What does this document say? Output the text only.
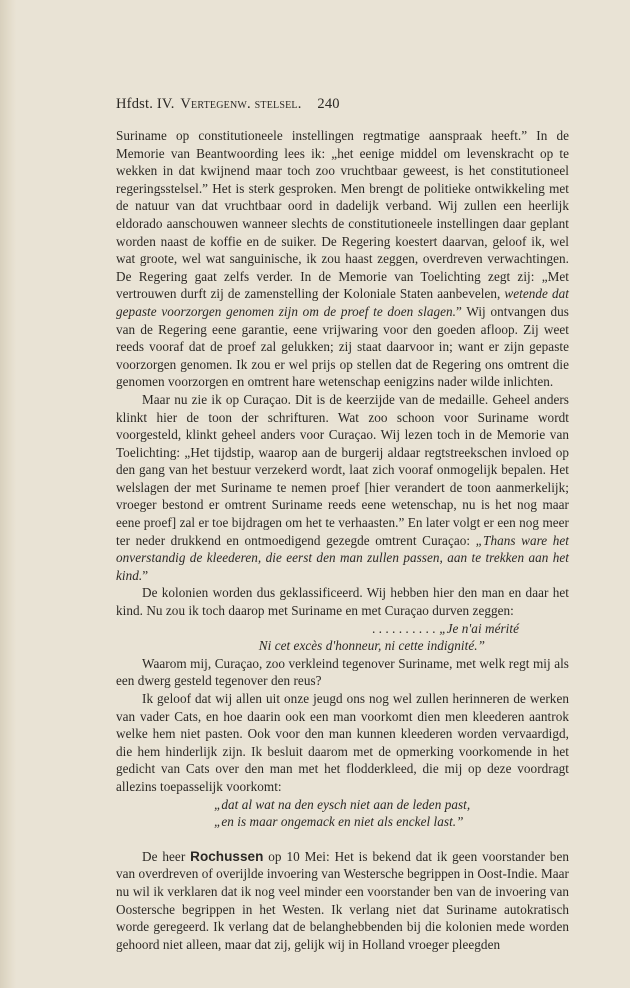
Hfdst. IV. Vertegenw. stelsel. 240

Suriname op constitutioneele instellingen regtmatige aanspraak heeft.” In de Memorie van Beantwoording lees ik: „het eenige middel om levenskracht op te wekken in dat kwijnend maar toch zoo vruchtbaar geweest, is het constitutioneel regeringsstelsel.” Het is sterk gesproken. Men brengt de politieke ontwikkeling met de natuur van dat vruchtbaar oord in dadelijk verband. Wij zullen een heerlijk eldorado aanschouwen wanneer slechts de constitutioneele instellingen daar geplant worden naast de koffie en de suiker. De Regering koestert daarvan, geloof ik, wel wat groote, wel wat sanguinische, ik zou haast zeggen, overdreven verwachtingen. De Regering gaat zelfs verder. In de Memorie van Toelichting zegt zij: „Met vertrouwen durft zij de zamenstelling der Koloniale Staten aanbevelen, wetende dat gepaste voorzorgen genomen zijn om de proef te doen slagen.” Wij ontvangen dus van de Regering eene garantie, eene vrijwaring voor den goeden afloop. Zij weet reeds vooraf dat de proef zal gelukken; zij staat daarvoor in; want er zijn gepaste voorzorgen genomen. Ik zou er wel prijs op stellen dat de Regering ons omtrent die genomen voorzorgen en omtrent hare wetenschap eenigzins nader wilde inlichten.

Maar nu zie ik op Curaçao. Dit is de keerzijde van de medaille. Geheel anders klinkt hier de toon der schrifturen. Wat zoo schoon voor Suriname wordt voorgesteld, klinkt geheel anders voor Curaçao. Wij lezen toch in de Memorie van Toelichting: „Het tijdstip, waarop aan de burgerij aldaar regtstreekschen invloed op den gang van het bestuur verzekerd wordt, laat zich vooraf onmogelijk bepalen. Het welslagen der met Suriname te nemen proef [hier verandert de toon aanmerkelijk; vroeger bestond er omtrent Suriname reeds eene wetenschap, nu is het nog maar eene proef] zal er toe bijdragen om het te verhaasten.” En later volgt er een nog meer ter neder drukkend en ontmoedigend gezegde omtrent Curaçao: „Thans ware het onverstandig de kleederen, die eerst den man zullen passen, aan te trekken aan het kind.”

De kolonien worden dus geklassificeerd. Wij hebben hier den man en daar het kind. Nu zou ik toch daarop met Suriname en met Curaçao durven zeggen:

. . . . . . . . . . „Je n'ai mérité

Ni cet excès d'honneur, ni cette indignité.”

Waarom mij, Curaçao, zoo verkleind tegenover Suriname, met welk regt mij als een dwerg gesteld tegenover den reus?

Ik geloof dat wij allen uit onze jeugd ons nog wel zullen herinneren de werken van vader Cats, en hoe daarin ook een man voorkomt dien men kleederen aantrok welke hem niet pasten. Ook voor den man kunnen kleederen worden vervaardigd, die hem hinderlijk zijn. Ik besluit daarom met de opmerking voorkomende in het gedicht van Cats over den man met het flodderkleed, die mij op deze voordragt allezins toepasselijk voorkomt:

„dat al wat na den eysch niet aan de leden past,

„en is maar ongemack en niet als enckel last.”

De heer Rochussen op 10 Mei: Het is bekend dat ik geen voorstander ben van overdreven of overijlde invoering van Westersche begrippen in Oost-Indie. Maar nu wil ik verklaren dat ik nog veel minder een voorstander ben van de invoering van Oostersche begrippen in het Westen. Ik verlang niet dat Suriname autokratisch worde geregeerd. Ik verlang dat de belanghebbenden bij die kolonien mede worden gehoord niet alleen, maar dat zij, gelijk wij in Holland vroeger pleegden
